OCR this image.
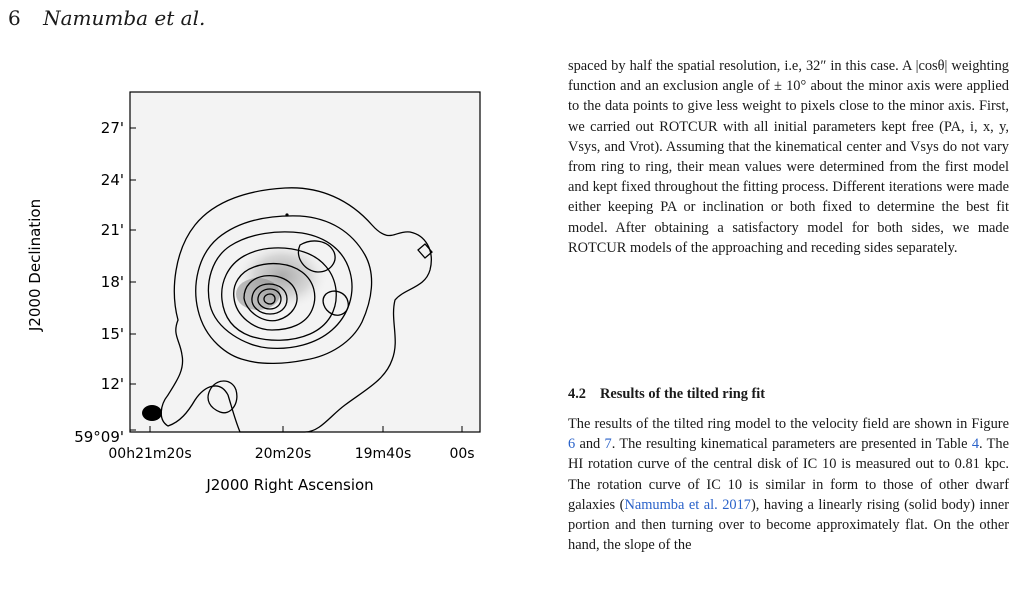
6 Namumba et al.
27'
24'
21'
18'
15'
12'
59°09'
00h21m20s	20m20s	19m40s	00s
J2000 Right Ascension
J2000 Declination

spaced by half the spatial resolution, i.e, 32″ in this case. A |cosθ| weighting function and an exclusion angle of ± 10° about the minor axis were applied to the data points to give less weight to pixels close to the minor axis. First, we carried out ROTCUR with all initial parameters kept free (PA, i, x, y, Vsys, and Vrot). Assuming that the kinematical center and Vsys do not vary from ring to ring, their mean values were determined from the first model and kept fixed throughout the fitting process. Different iterations were made either keeping PA or inclination or both fixed to determine the best fit model. After obtaining a satisfactory model for both sides, we made ROTCUR models of the approaching and receding sides separately.

4.2 Results of the tilted ring fit

The results of the tilted ring model to the velocity field are shown in Figure 6 and 7. The resulting kinematical parameters are presented in Table 4. The HI rotation curve of the central disk of IC 10 is measured out to 0.81 kpc. The rotation curve of IC 10 is similar in form to those of other dwarf galaxies (Namumba et al. 2017), having a linearly rising (solid body) inner portion and then turning over to become approximately flat. On the other hand, the slope of the
